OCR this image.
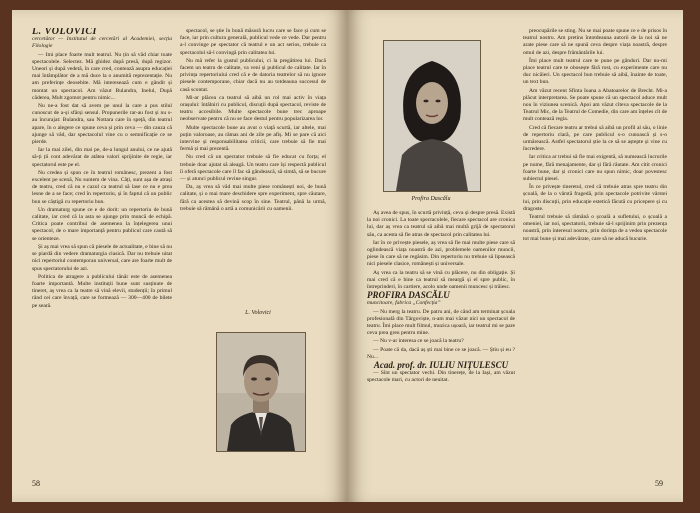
L. VOLOVICI

cercetător — Institutul de cercetări al Academiei, secția Filologie

— Imi place foarte mult teatrul. Nu țin să văd chiar toate spectacolele. Selectez. Mă ghidez după presă, după regizor. Uneori și după vedetă, în care cred, contează asupra educației mai întâmplător de a mă duce la o anumită reprezentație. Nu am preferințe deosebite. Mă interesează cum e gândit și montat un spectacol. Am văzut Bulandra, Inelul, După căderea, Mult zgomot pentru nimic...

Nu ne-a fost dat să avem pe unul la care a pus stilul cunoscut de a-și sfârși sensul. Propunerile rar-au fost și nu s-au încurajat: Bulandra, sau Nottara care în speță, din teatrul apare, în o alegere ce spune ceva și prin ceva — din cauza că ajunge să văd, dar spectacolul vine cu o semnificație ce se pierde.

Iar la mai zilei, din mai pe, de-a lungul anului, ce ne ajută să-ți ții cont adevărat de atâtea valori sprijinite de regie, iar spectatorul este pe el.

Nu credea și spun ce în teatrul românesc, prezent a fost excelent pe scenă, Nu suntem de vina. Câți, sunt așa de atrași de teatru, cred că nu e cazul ca teatrul să lase ce nu e prea lesne de a se face; cred în repertoriu, și în faptul că un public bun se câștigă cu repertoriu bun.

Un dramaturg spune ce e de dorit: un repertoriu de bună calitate, iar cred că la asta se ajunge prin muncă de echipă. Critica poate contribui de asemenea la înțelegerea unui spectacol, de o mare importanță pentru publicul care caută să se orienteze.

Și aș mai vrea să spun că piesele de actualitate, e bine să nu se piardă din vedere dramaturgia clasică. Dar nu trebuie uitat nici repertoriul contemporan universal, care are foarte mult de spus spectatorului de azi.

Politica de atragere a publicului tânăr este de asemenea foarte importantă. Multe instituții bune sunt susținute de tineret, aș vrea ca la teatre să vină elevii, studenții; în primul rând cei care învață, care se formează — 300—400 de bilete pe seară.

spectacol, se știe în bună măsură lucru care se face și cum se face, iar prin cultura generală, publicul vede ce vede. Dar pentru a-l convinge pe spectator că teatrul e un act serios, trebuie ca spectacolul să-l convingă prin calitatea lui.

Nu mă refer la gustul publicului, ci la pregătirea lui. Dacă facem un teatru de calitate, va veni și publicul de calitate. Iar în privința repertoriului cred că e de datoria teatrelor să nu ignore piesele contemporane, chiar dacă nu au totdeauna succesul de casă scontat.

Mi-ar plăcea ca teatrul să aibă un rol mai activ în viața orașului: întâlniri cu publicul, discuții după spectacol, reviste de teatru accesibile. Multe spectacole bune trec aproape neobservate pentru că nu se face destul pentru popularizarea lor.

Multe spectacole bune au avut o viață scurtă, iar altele, mai puțin valoroase, au rămas ani de zile pe afiș. Mi se pare că aici intervine și responsabilitatea criticii, care trebuie să fie mai fermă și mai prezentă.

Nu cred că un spectator trebuie să fie educat cu forța; el trebuie doar ajutat să aleagă. Un teatru care își respectă publicul îi oferă spectacole care îl fac să gândească, să simtă, să se bucure — și atunci publicul revine singur.

Da, aș vrea să văd mai multe piese românești noi, de bună calitate, și o mai mare deschidere spre experiment, spre căutare, fără ca acestea să devină scop în sine. Teatrul, până la urmă, trebuie să rămână o artă a comunicării cu oamenii.

L. Volovici
58
Profira Dascălu

Aș avea de spus, în scurtă privință, ceva și despre presă. Există la noi cronici. La toate spectacolele, fiecare spectacol are cronica lui, dar aș vrea ca teatrul să aibă mai multă grijă de spectatorul său, ca acesta să fie atras de spectacol prin calitatea lui.

Iar în ce privește piesele, aș vrea să fie mai multe piese care să oglindească viața noastră de azi, problemele oamenilor muncii, piese în care să ne regăsim. Din repertoriu nu trebuie să lipsească nici piesele clasice, românești și universale.

Aș vrea ca la teatru să se vină cu plăcere, nu din obligație. Și mai cred că e bine ca teatrul să meargă și el spre public, în întreprinderi, în cartiere, acolo unde oamenii muncesc și trăiesc.

PROFIRA DASCĂLU

muncitoare, fabrica „Confecția”

— Nu merg la teatru. De patru ani, de când am terminat școala profesională din Târgoviște, n-am mai văzut nici un spectacol de teatru. Îmi place mult filmul, muzica ușoară, iar teatrul mi se pare ceva prea greu pentru mine.

— Nu v-ar interesa ce se joacă la teatru?

— Poate că da, dacă aș ști mai bine ce se joacă. — Știu și eu ? Nu...

Acad. prof. dr. IULIU NIȚULESCU

— Sînt un spectator vechi. Din tinerețe, de la Iași, am văzut spectacole mari, cu actori de neuitat.

preocupările se sting. Nu se mai poate spune ce e de prisos în teatrul nostru. Am pretins întotdeauna autorii de la noi să ne arate piese care să ne spună ceva despre viața noastră, despre omul de azi, despre frământările lui.

Îmi place mult teatrul care te pune pe gânduri. Dar nu-mi place teatrul care te obosește fără rost, cu experimente care nu duc nicăieri. Un spectacol bun trebuie să aibă, înainte de toate, un text bun.

Am văzut recent Sfinta Ioana a Abatoarelor de Brecht. Mi-a plăcut interpretarea. Se poate spune că un spectacol aduce mult nou în viziunea scenică. Apoi am văzut cîteva spectacole de la Teatrul Mic, de la Teatrul de Comedie, din care am înțeles cît de mult contează regia.

Cred că fiecare teatru ar trebui să aibă un profil al său, o linie de repertoriu clară, pe care publicul s-o cunoască și s-o urmărească. Astfel spectatorul știe la ce să se aștepte și vine cu încredere.

Iar critica ar trebui să fie mai exigentă, să numească lucrurile pe nume, fără menajamente, dar și fără răutate. Am citit cronici foarte bune, dar și cronici care nu spun nimic, doar povestesc subiectul piesei.

În ce privește tineretul, cred că trebuie atras spre teatru din școală, de la o vârstă fragedă, prin spectacole potrivite vârstei lui, prin discuții, prin educație estetică făcută cu pricepere și cu dragoste.

Teatrul trebuie să rămână o școală a sufletului, o școală a omeniei, iar noi, spectatorii, trebuie să-l sprijinim prin prezența noastră, prin interesul nostru, prin dorința de a vedea spectacole tot mai bune și mai adevărate, care să ne aducă bucurie.

59
